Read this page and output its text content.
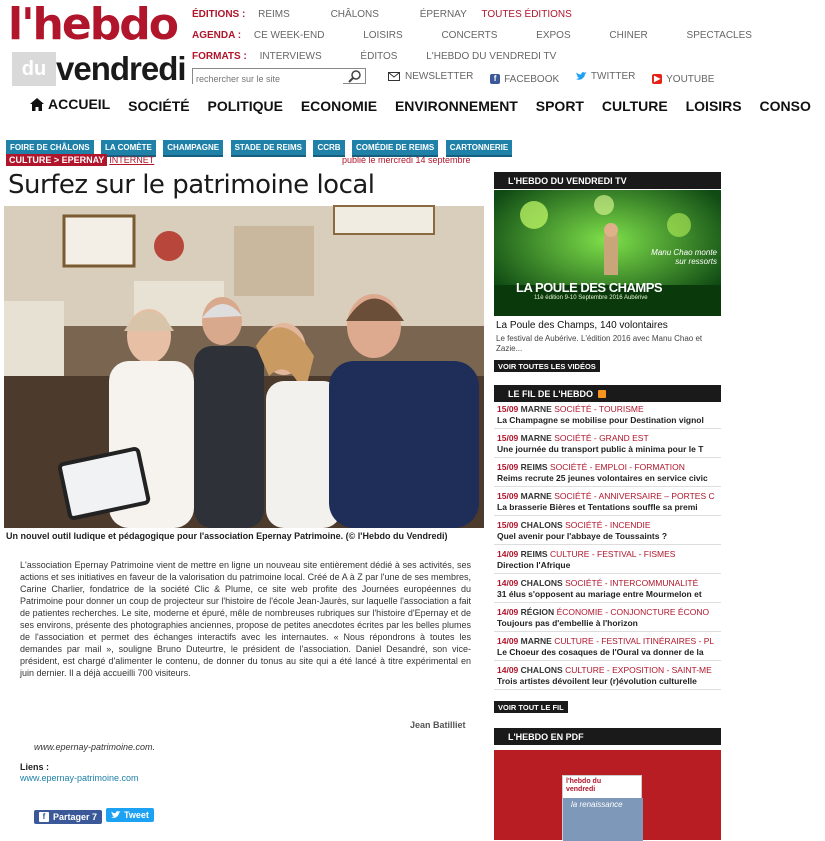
l'hebdo
du vendredi
ÉDITIONS : REIMS	CHÂLONS	ÉPERNAY TOUTES ÉDITIONS
AGENDA : CE WEEK-END	LOISIRS	CONCERTS	EXPOS	CHINER	SPECTACLES
FORMATS : INTERVIEWS	ÉDITOS	L'HEBDO DU VENDREDI TV
rechercher sur le site
NEWSLETTER
	f FACEBOOK
	TWITTER
▶ YOUTUBE
ACCUEIL SOCIÉTÉ POLITIQUE ECONOMIE ENVIRONNEMENT SPORT CULTURE LOISIRS CONSO
FOIRE DE CHÂLONS LA COMÈTE CHAMPAGNE STADE DE REIMS CCRB COMÉDIE DE REIMS CARTONNERIE
CULTURE > EPERNAY INTERNET	publié le mercredi 14 septembre
Surfez sur le patrimoine local
Un nouvel outil ludique et pédagogique pour l'association Epernay Patrimoine. (© l'Hebdo du Vendredi)
L'association Epernay Patrimoine vient de mettre en ligne un nouveau site entièrement dédié à ses activités, ses actions et ses initiatives en faveur de la valorisation du patrimoine local. Créé de A à Z par l'une de ses membres, Carine Charlier, fondatrice de la société Clic & Plume, ce site web profite des Journées européennes du Patrimoine pour donner un coup de projecteur sur l'histoire de l'école Jean-Jaurès, sur laquelle l'association a fait de patientes recherches. Le site, moderne et épuré, mêle de nombreuses rubriques sur l'histoire d'Epernay et de ses environs, présente des photographies anciennes, propose de petites anecdotes écrites par les belles plumes de l'association et permet des échanges interactifs avec les internautes. « Nous répondrons à toutes les demandes par mail », souligne Bruno Duteurtre, le président de l'association. Daniel Desandré, son vice-président, est chargé d'alimenter le contenu, de donner du tonus au site qui a été lancé à titre expérimental en juin dernier. Il a déjà accueilli 700 visiteurs.
Jean Batilliet
www.epernay-patrimoine.com.
Liens :
www.epernay-patrimoine.com
f Partager 7	Tweet
L'HEBDO DU VENDREDI TV
Manu Chao monte sur ressorts
LA POULE DES CHAMPS
11è édition 9-10 Septembre 2016 Aubérive
La Poule des Champs, 140 volontaires
Le festival de Aubérive. L'édition 2016 avec Manu Chao et Zazie...
VOIR TOUTES LES VIDÉOS
LE FIL DE L'HEBDO
15/09 MARNE SOCIÉTÉ - TOURISME
La Champagne se mobilise pour Destination vignol
15/09 MARNE SOCIÉTÉ - GRAND EST
Une journée du transport public à minima pour le T
15/09 REIMS SOCIÉTÉ - EMPLOI - FORMATION
Reims recrute 25 jeunes volontaires en service civic
15/09 MARNE SOCIÉTÉ - ANNIVERSAIRE – PORTES C
La brasserie Bières et Tentations souffle sa premi
15/09 CHALONS SOCIÉTÉ - INCENDIE
Quel avenir pour l'abbaye de Toussaints ?
14/09 REIMS CULTURE - FESTIVAL - FISMES
Direction l'Afrique
14/09 CHALONS SOCIÉTÉ - INTERCOMMUNALITÉ
31 élus s'opposent au mariage entre Mourmelon et
14/09 RÉGION ÉCONOMIE - CONJONCTURE ÉCONO
Toujours pas d'embellie à l'horizon
14/09 MARNE CULTURE - FESTIVAL ITINÉRAIRES - PL
Le Choeur des cosaques de l'Oural va donner de la
14/09 CHALONS CULTURE - EXPOSITION - SAINT-ME
Trois artistes dévoilent leur (r)évolution culturelle
VOIR TOUT LE FIL
L'HEBDO EN PDF
l'hebdo du vendredi
la renaissance
